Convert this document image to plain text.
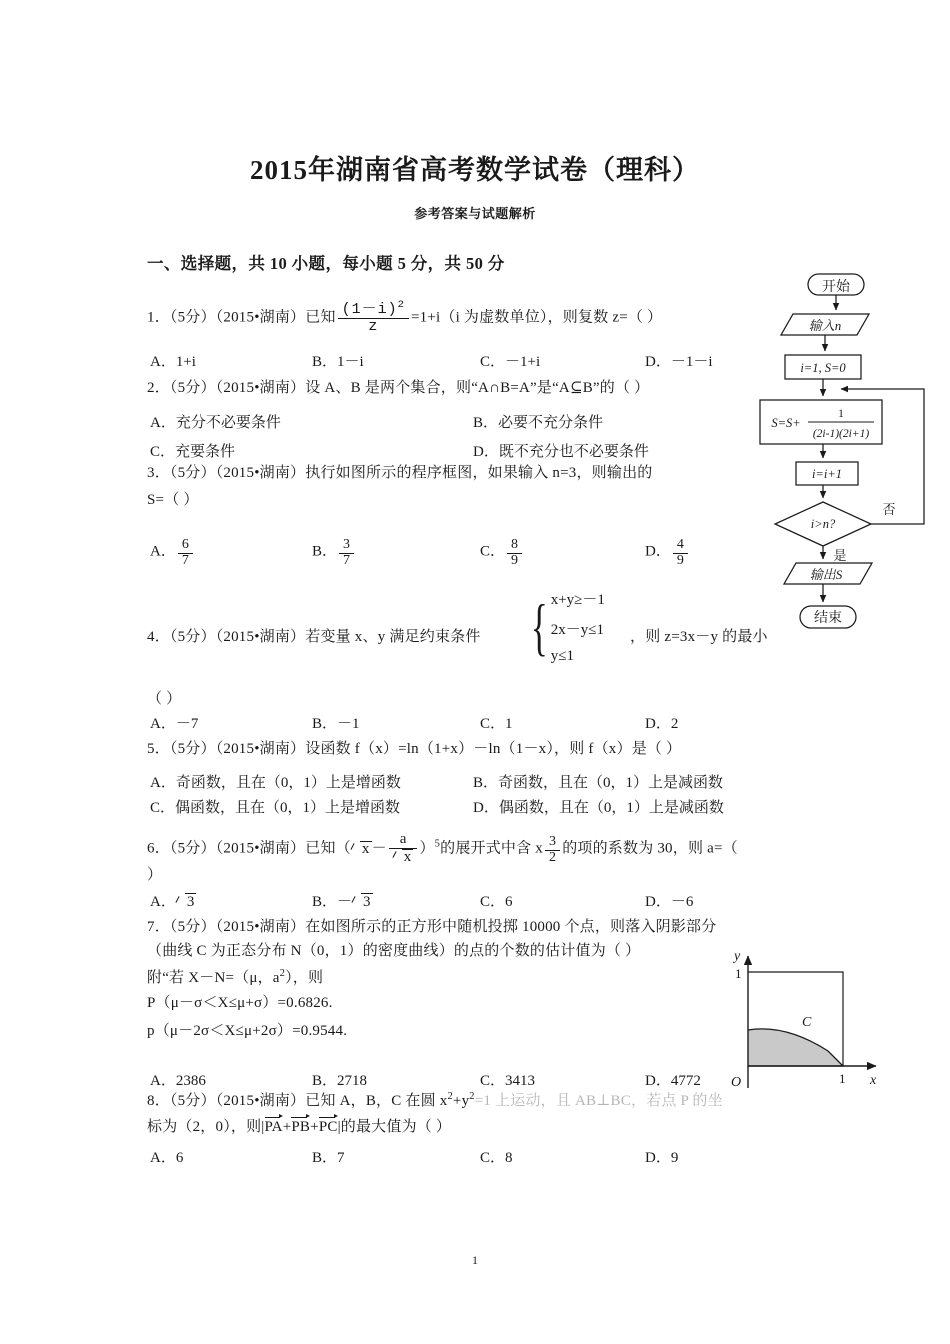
2015年湖南省高考数学试卷（理科）
参考答案与试题解析
一、选择题，共 10 小题，每小题 5 分，共 50 分
1．（5分）（2015•湖南）已知 $\frac{(1-i)^2}{z} =1+i(i$ 为虚数单位），则复数 z=（ ）
A．1+i	B．1－i	C．－1+i	D．－1－i
2．（5分）（2015•湖南）设 A、B 是两个集合，则“A∩B=A”是“A⊆B”的（ ）
A．充分不必要条件	B．必要不充分条件
C．充要条件	D．既不充分也不必要条件
3．（5分）（2015•湖南）执行如图所示的程序框图，如果输入 n=3，则输出的
S=（ ）
A． $\frac{6}{7}$	B． $\frac{3}{7}$	C． $\frac{8}{9}$	D． $\frac{4}{9}$
4．（5分）（2015•湖南）若变量 x、y 满足约束条件 { x+y≥－1
2x－y≤1
y≤1
，则 z=3x－y 的最小
（ ）
A．－7	B．－1	C．1	D．2
5．（5分）（2015•湖南）设函数 f（x）=ln（1+x）－ln（1－x），则 f（x）是（ ）
A．奇函数，且在（0，1）上是增函数	B．奇函数，且在（0，1）上是减函数
C．偶函数，且在（0，1）上是增函数	D．偶函数，且在（0，1）上是减函数
6．（5分）（2015•湖南）已知（ $x - \frac{a}{x} )^5$的展开式中含 x $\frac{3}{2}$ 的项的系数为 30，则 a=（
）
A． 3	B．－ 3	C．6	D．－6
7．（5分）（2015•湖南）在如图所示的正方形中随机投掷 10000 个点，则落入阴影部分
（曲线 C 为正态分布 N（0，1）的密度曲线）的点的个数的估计值为（ ）
附“若 X－N=（μ，$a^2$），则
P（μ－σ＜X≤μ+σ）=0.6826.
p（μ－2σ＜X≤μ+2σ）=0.9544.
A．2386	B．2718	C．3413	D．4772
8．（5分）（2015•湖南）已知 A，B，C 在圆 $x^2+y^2=1$ 上运动，且 AB⊥BC，若点 P 的坐
标为（2，0），则|PA+PB+PC|的最大值为（ ）
A．6	B．7	C．8	D．9
开始
输入n
i=1, S=0
S=S+
1
(2i-1)(2i+1)
i=i+1
i>n?
否
是
输出S
结束
y
x
O
C
1
1
1
